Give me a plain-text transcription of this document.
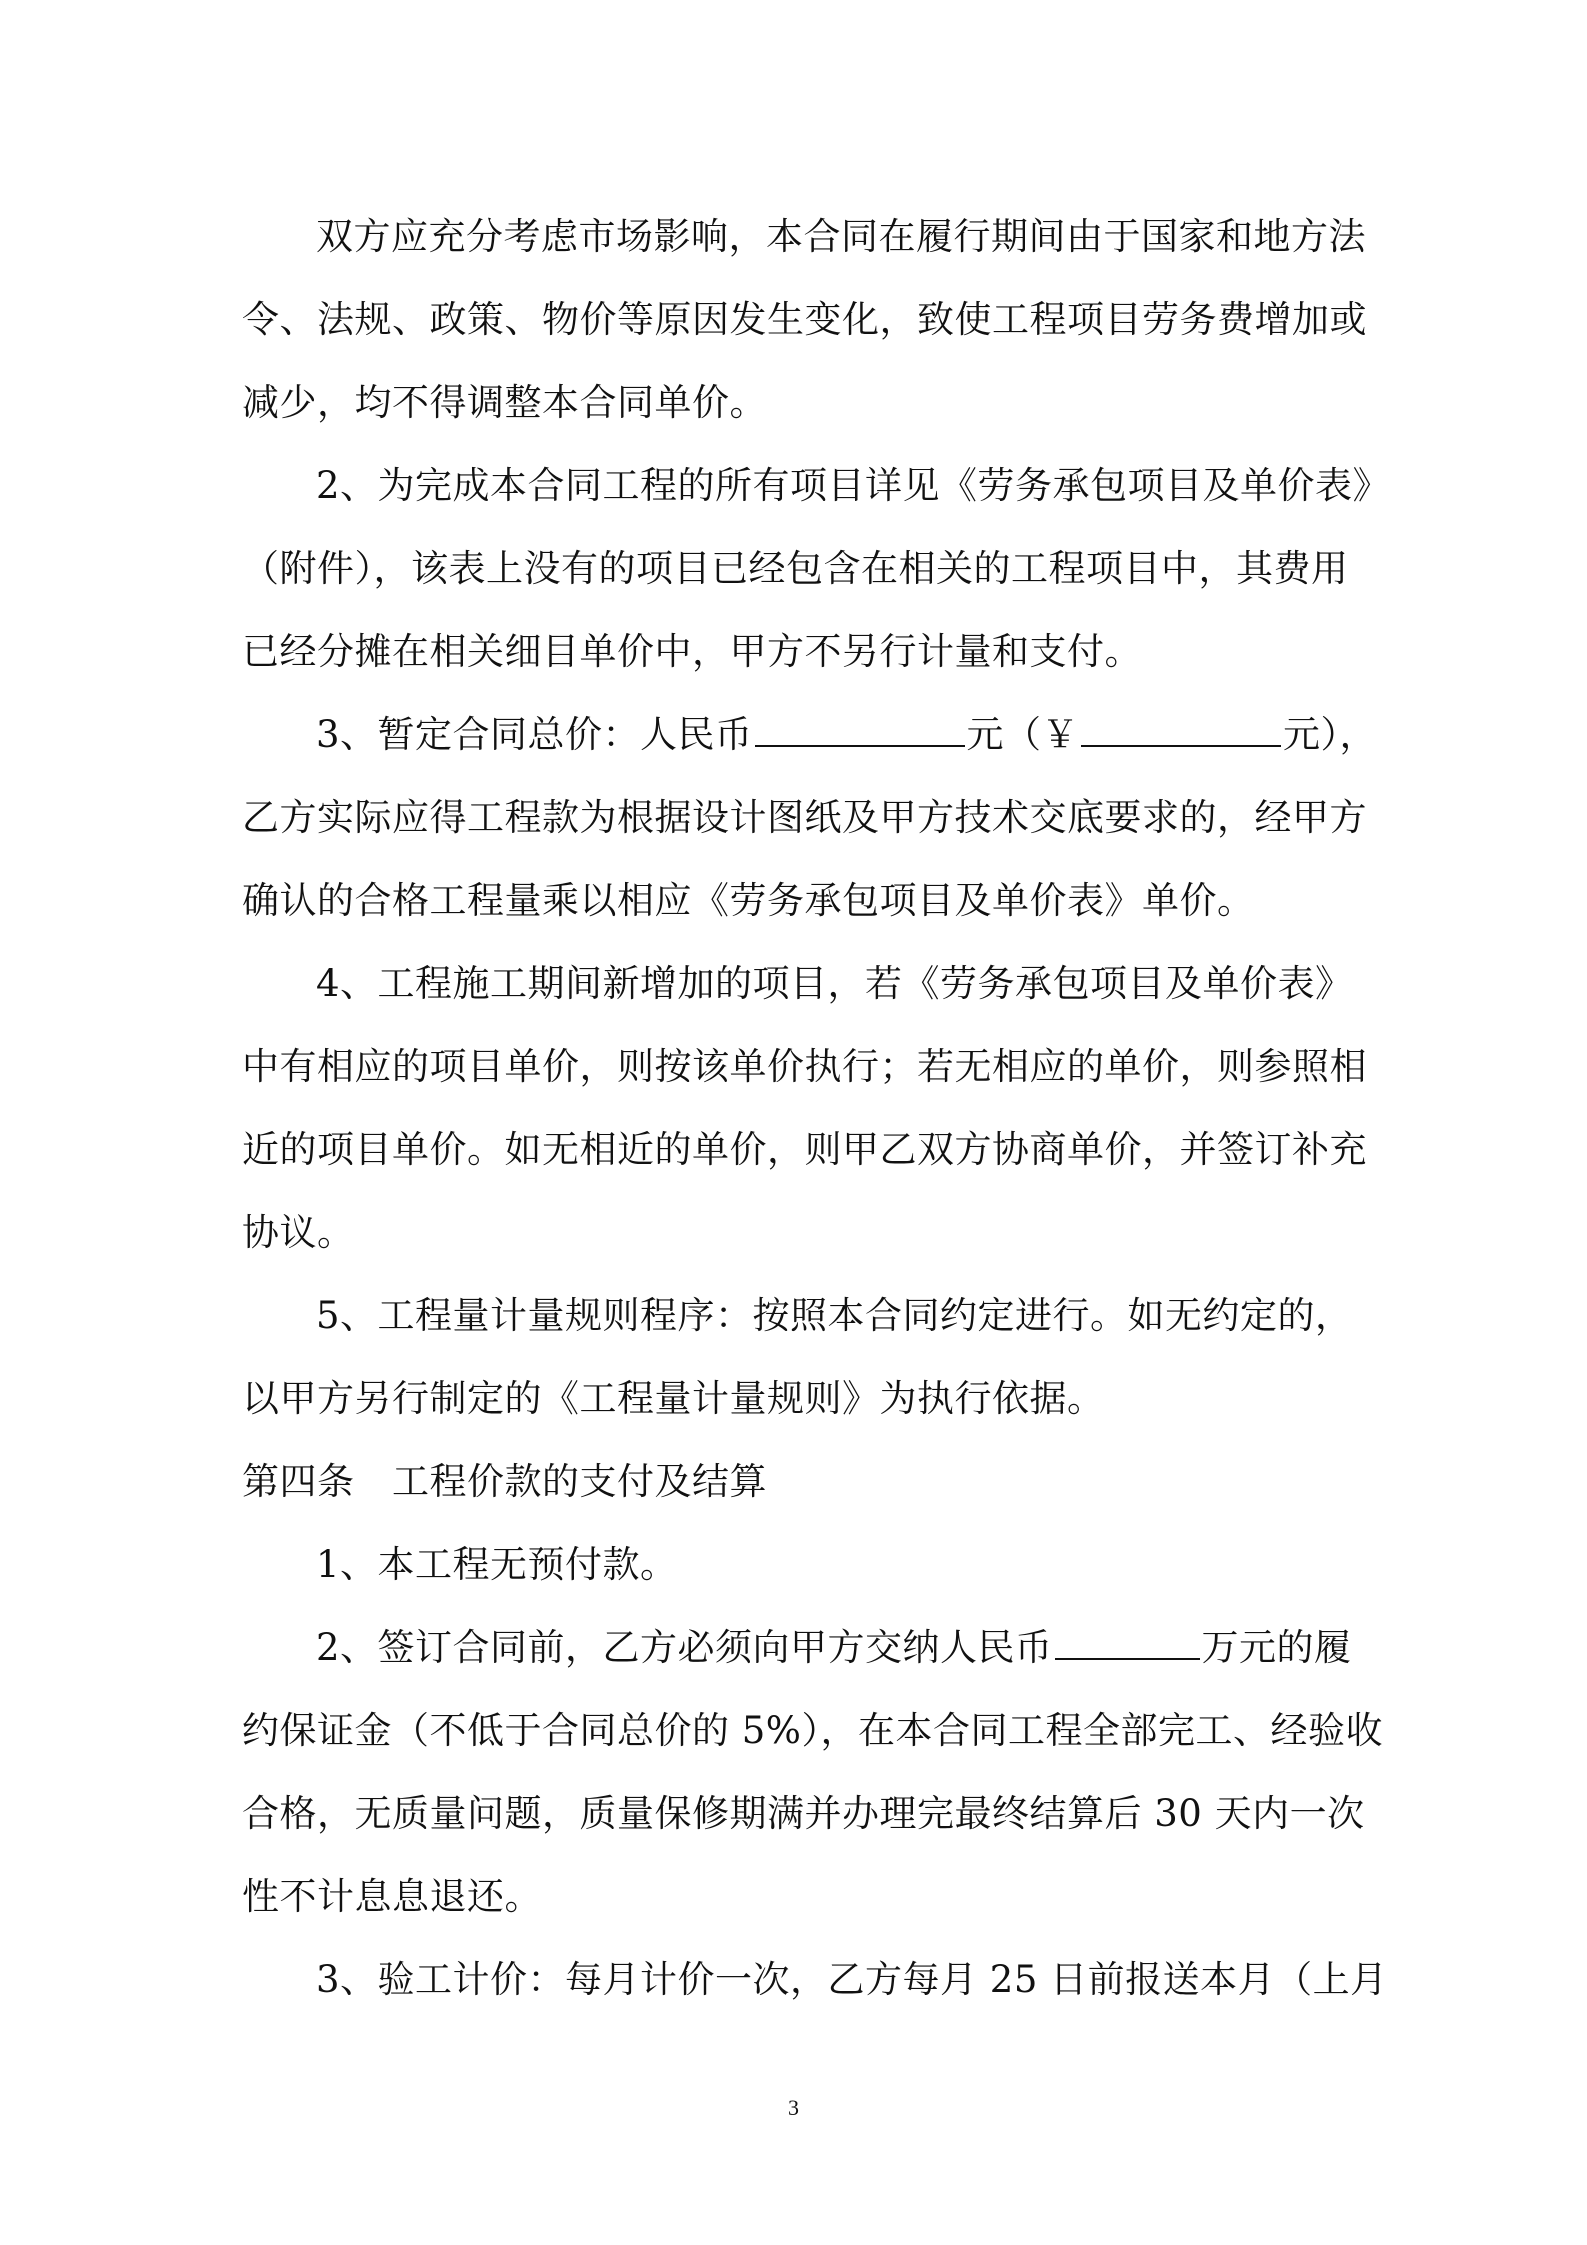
双方应充分考虑市场影响，本合同在履行期间由于国家和地方法
令、法规、政策、物价等原因发生变化，致使工程项目劳务费增加或
减少，均不得调整本合同单价。
2、为完成本合同工程的所有项目详见《劳务承包项目及单价表》
（附件），该表上没有的项目已经包含在相关的工程项目中，其费用
已经分摊在相关细目单价中，甲方不另行计量和支付。
3、暂定合同总价：人民币	元（￥	元），
乙方实际应得工程款为根据设计图纸及甲方技术交底要求的，经甲方
确认的合格工程量乘以相应《劳务承包项目及单价表》单价。
4、工程施工期间新增加的项目，若《劳务承包项目及单价表》
中有相应的项目单价，则按该单价执行；若无相应的单价，则参照相
近的项目单价。如无相近的单价，则甲乙双方协商单价，并签订补充
协议。
5、工程量计量规则程序：按照本合同约定进行。如无约定的，
以甲方另行制定的《工程量计量规则》为执行依据。
第四条　工程价款的支付及结算
1、本工程无预付款。
2、签订合同前，乙方必须向甲方交纳人民币	万元的履
约保证金（不低于合同总价的 5%），在本合同工程全部完工、经验收
合格，无质量问题，质量保修期满并办理完最终结算后 30 天内一次
性不计息息退还。
3、验工计价：每月计价一次，乙方每月 25 日前报送本月（上月
3
